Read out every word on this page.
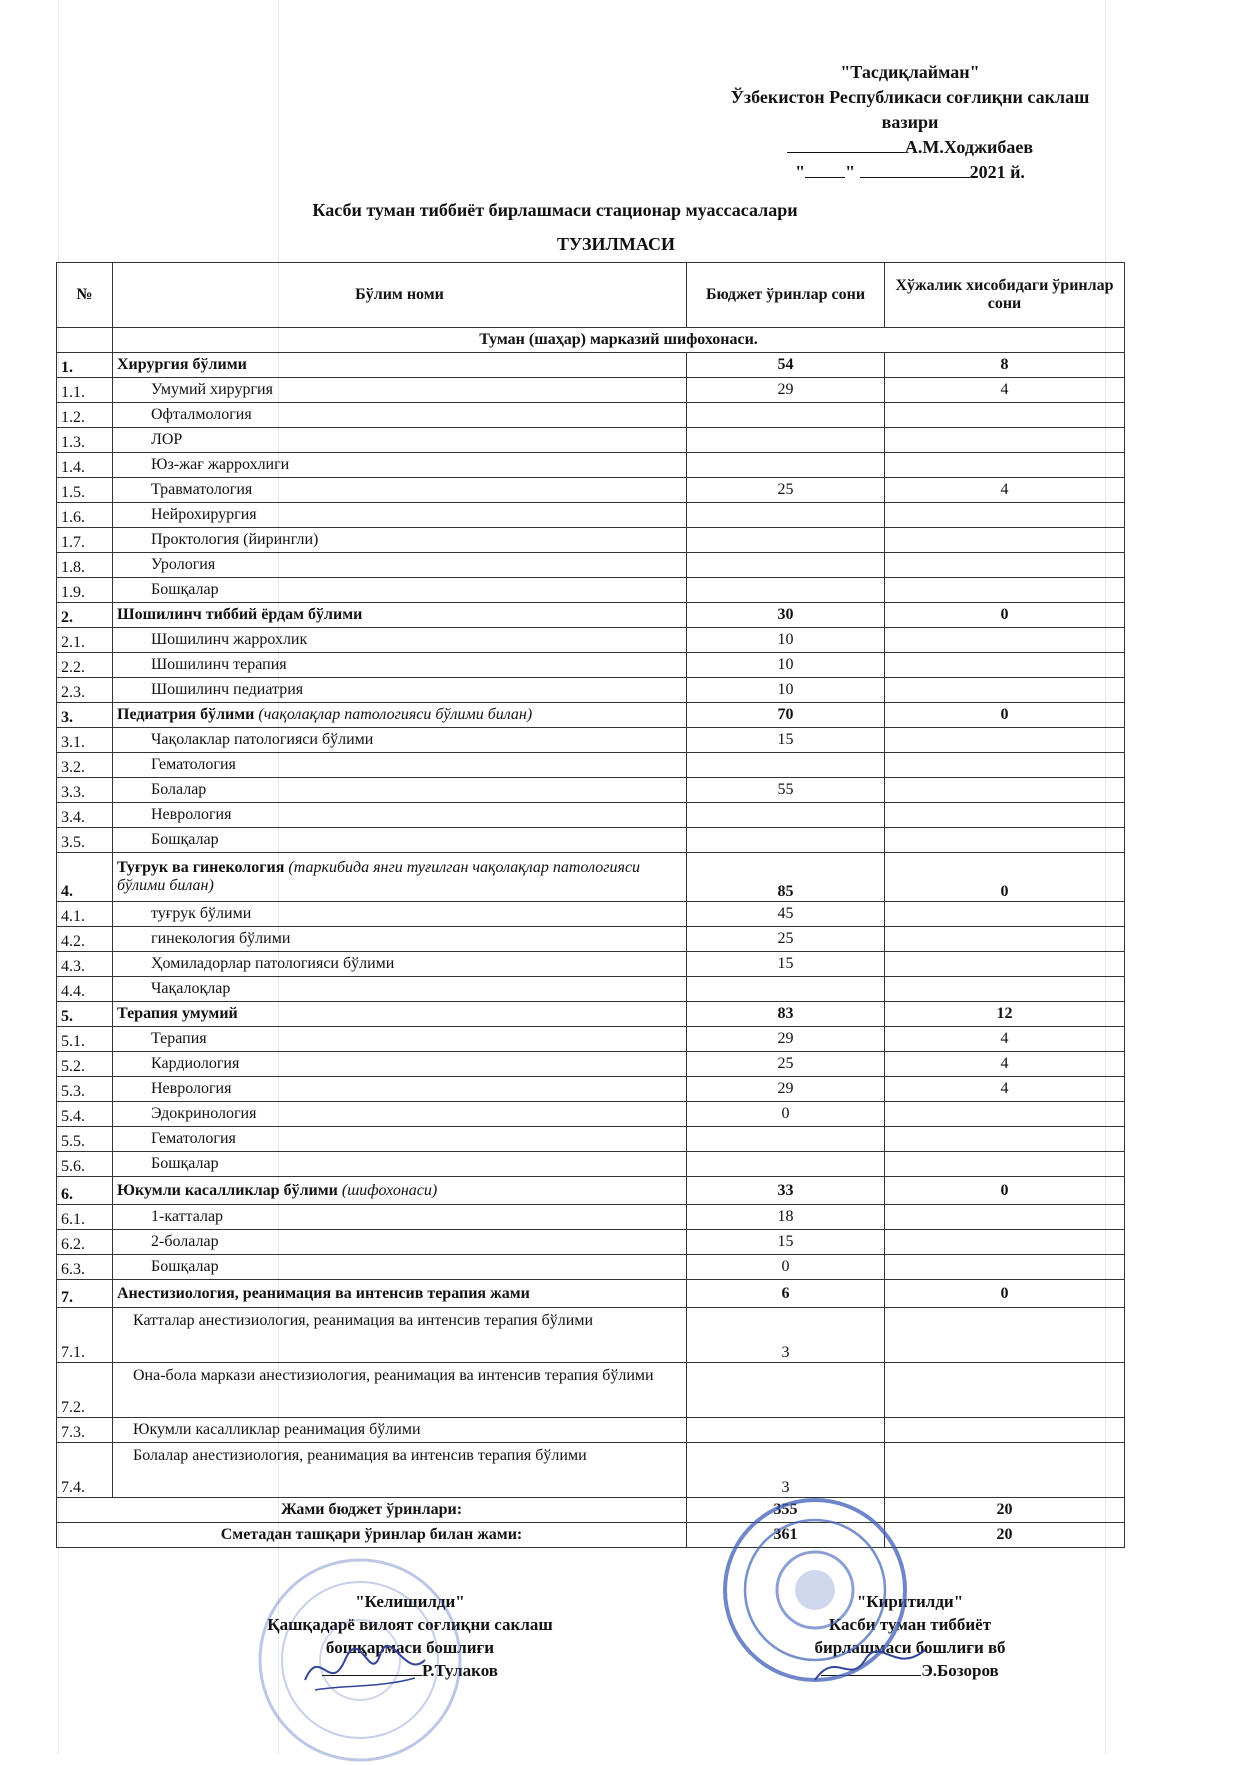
"Тасдиқлайман"
Ўзбекистон Республикаси соғлиқни саклаш
вазири
А.М.Ходжибаев
" "	2021 й.
Касби туман тиббиёт бирлашмаси стационар муассасалари
ТУЗИЛМАСИ
№	Бўлим номи	Бюджет ўринлар сони	Хўжалик хисобидаги ўринлар сони
	Туман (шаҳар) марказий шифохонаси.		
1.	Хирургия бўлими	54	8
1.1.	Умумий хирургия	29	4
1.2.	Офталмология		
1.3.	ЛОР		
1.4.	Юз-жағ жаррохлиги		
1.5.	Травматология	25	4
1.6.	Нейрохирургия		
1.7.	Проктология (йирингли)		
1.8.	Урология		
1.9.	Бошқалар		
2.	Шошилинч тиббий ёрдам бўлими	30	0
2.1.	Шошилинч жаррохлик	10	
2.2.	Шошилинч терапия	10	
2.3.	Шошилинч педиатрия	10	
3.	Педиатрия бўлими (чақолақлар патологияси бўлими билан)	70	0
3.1.	Чақолаклар патологияси бўлими	15	
3.2.	Гематология		
3.3.	Болалар	55	
3.4.	Неврология		
3.5.	Бошқалар		
4.	Туғрук ва гинекология (таркибида янги туғилган чақолақлар патологияси бўлими билан)	85	0
4.1.	туғрук бўлими	45	
4.2.	гинекология бўлими	25	
4.3.	Ҳомиладорлар патологияси бўлими	15	
4.4.	Чақалоқлар		
5.	Терапия умумий	83	12
5.1.	Терапия	29	4
5.2.	Кардиология	25	4
5.3.	Неврология	29	4
5.4.	Эдокринология	0	
5.5.	Гематология		
5.6.	Бошқалар		
6.	Юкумли касалликлар бўлими (шифохонаси)	33	0
6.1.	1-катталар	18	
6.2.	2-болалар	15	
6.3.	Бошқалар	0	
7.	Анестизиология, реанимация ва интенсив терапия жами	6	0
7.1.	Катталар анестизиология, реанимация ва интенсив терапия бўлими	3	
7.2.	Она-бола маркази анестизиология, реанимация ва интенсив терапия бўлими		
7.3.	Юкумли касалликлар реанимация бўлими		
7.4.	Болалар анестизиология, реанимация ва интенсив терапия бўлими	3	
Жами бюджет ўринлари:		355	20
Сметадан ташқари ўринлар билан жами:		361	20
"Келишилди"
Қашқадарё вилоят соғлиқни саклаш
бошқармаси бошлиғи
Р.Тулаков
"Киритилди"
Касби туман тиббиёт
бирлашмаси бошлиғи вб
Э.Бозоров
